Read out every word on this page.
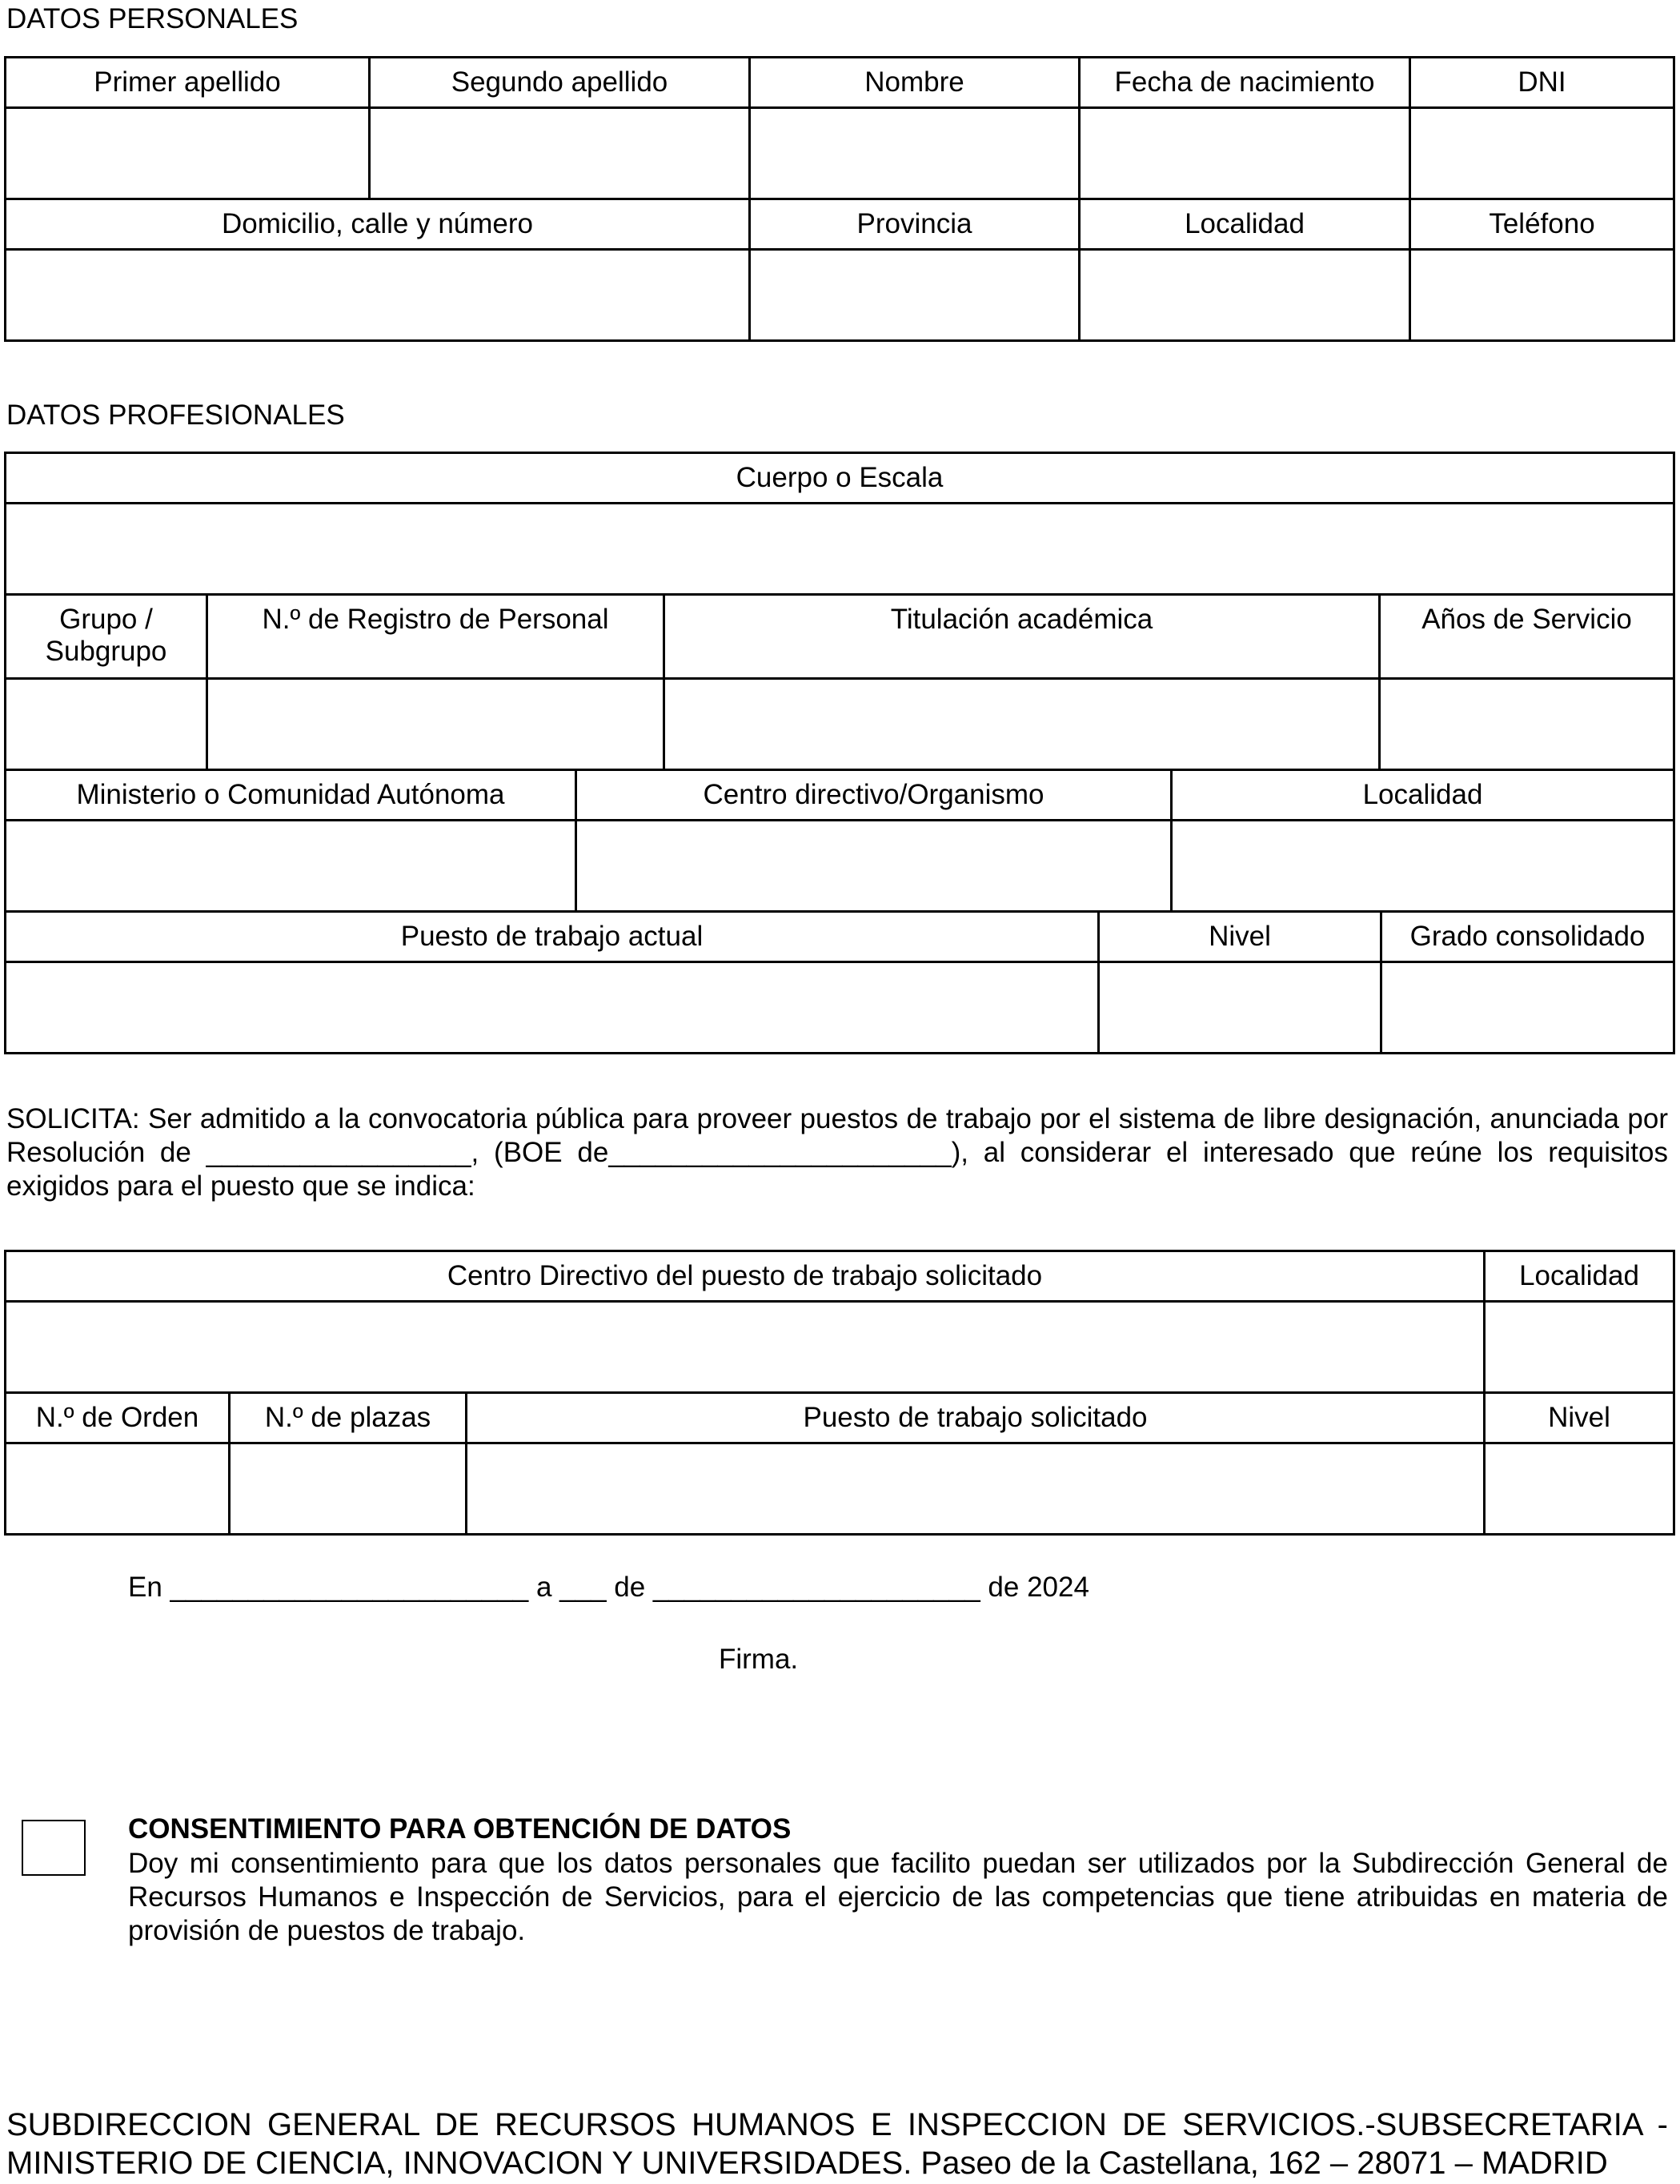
DATOS PERSONALES
Primer apellido	Segundo apellido	Nombre	Fecha de nacimiento	DNI

Domicilio, calle y número		Provincia	Localidad	Teléfono

DATOS PROFESIONALES
Cuerpo o Escala							

Grupo / Subgrupo	N.º de Registro de Personal		Titulación académica			Años de Servicio	

Ministerio o Comunidad Autónoma		Centro directivo/Organismo			Localidad		

Puesto de trabajo actual				Nivel			Grado consolidado

SOLICITA: Ser admitido a la convocatoria pública para proveer puestos de trabajo por el sistema de libre designación, anunciada por Resolución de _________________, (BOE de______________________), al considerar el interesado que reúne los requisitos exigidos para el puesto que se indica:
Centro Directivo del puesto de trabajo solicitado			Localidad

N.º de Orden	N.º de plazas	Puesto de trabajo solicitado	Nivel

En _______________________ a ___ de _____________________ de 2024
Firma.
CONSENTIMIENTO PARA OBTENCIÓN DE DATOS
Doy mi consentimiento para que los datos personales que facilito puedan ser utilizados por la Subdirección General de Recursos Humanos e Inspección de Servicios, para el ejercicio de las competencias que tiene atribuidas en materia de provisión de puestos de trabajo.
SUBDIRECCION GENERAL DE RECURSOS HUMANOS E INSPECCION DE SERVICIOS.-SUBSECRETARIA - MINISTERIO DE CIENCIA, INNOVACION Y UNIVERSIDADES. Paseo de la Castellana, 162 – 28071 – MADRID
